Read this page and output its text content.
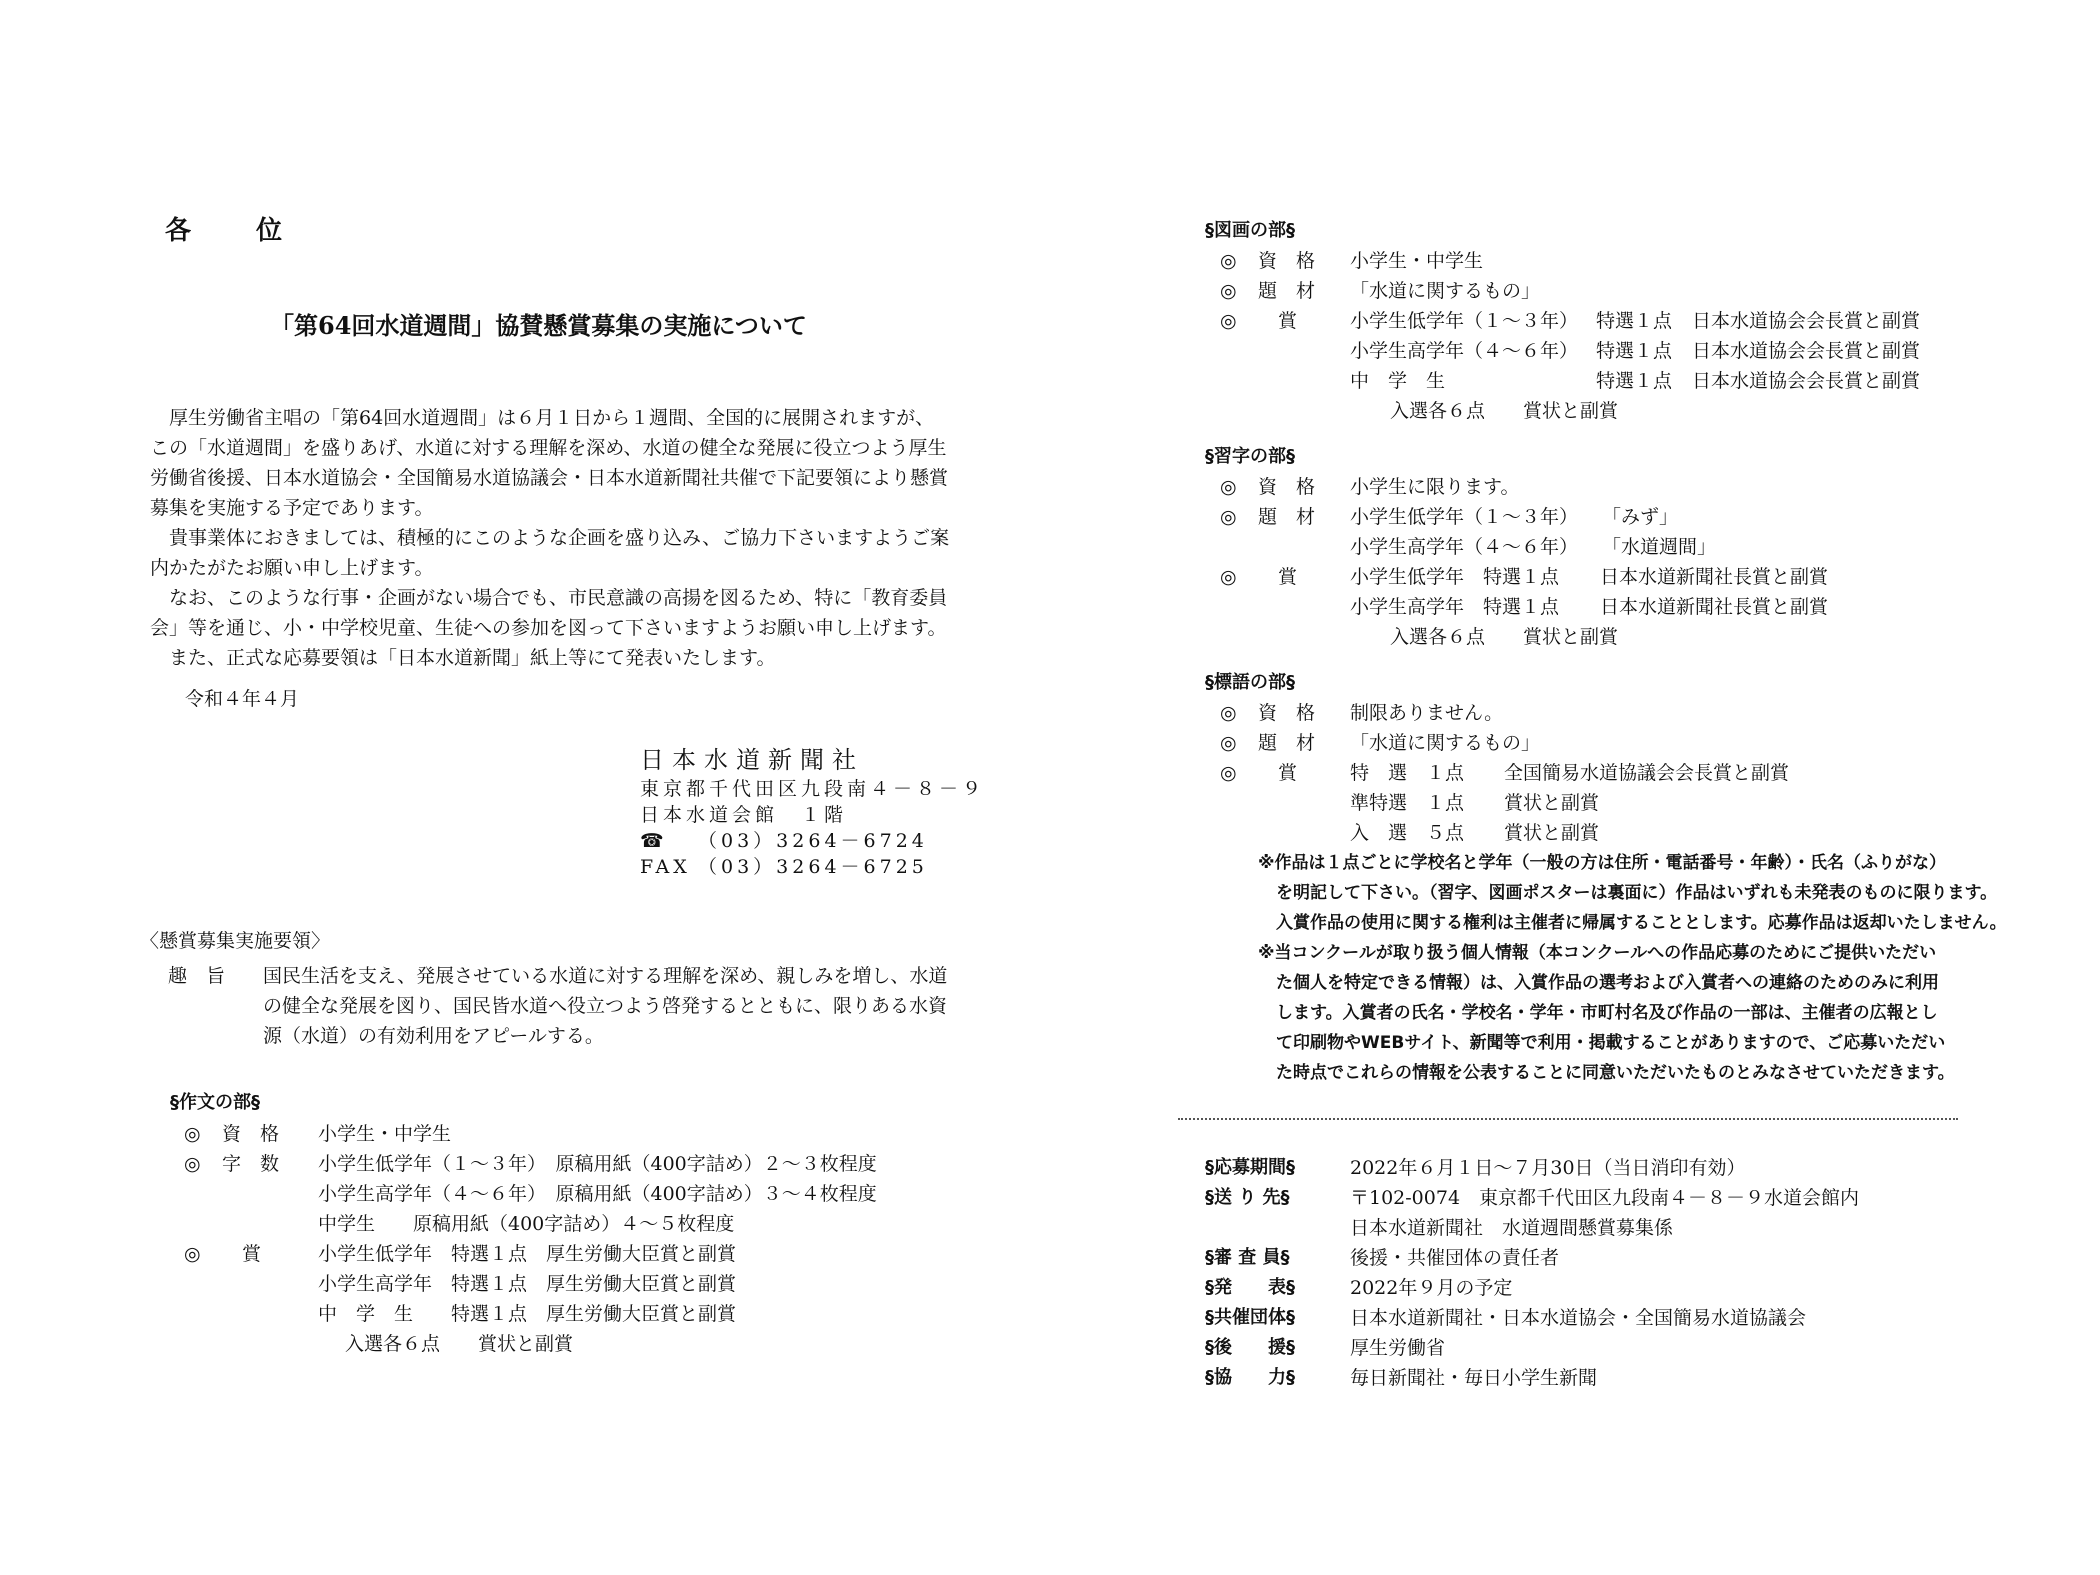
各 位
「第64回水道週間」協賛懸賞募集の実施について

厚生労働省主唱の「第64回水道週間」は６月１日から１週間、全国的に展開されますが、

この「水道週間」を盛りあげ、水道に対する理解を深め、水道の健全な発展に役立つよう厚生

労働省後援、日本水道協会・全国簡易水道協議会・日本水道新聞社共催で下記要領により懸賞

募集を実施する予定であります。

貴事業体におきましては、積極的にこのような企画を盛り込み、ご協力下さいますようご案

内かたがたお願い申し上げます。

なお、このような行事・企画がない場合でも、市民意識の高揚を図るため、特に「教育委員

会」等を通じ、小・中学校児童、生徒への参加を図って下さいますようお願い申し上げます。

また、正式な応募要領は「日本水道新聞」紙上等にて発表いたします。

令和４年４月
日本水道新聞社
東京都千代田区九段南４－８－９
日本水道会館　１階
☎ （03）3264－6724
FAX （03）3264－6725
〈懸賞募集実施要領〉
趣　旨 国民生活を支え、発展させている水道に対する理解を深め、親しみを増し、水道
の健全な発展を図り、国民皆水道へ役立つよう啓発するとともに、限りある水資
源（水道）の有効利用をアピールする。
§作文の部§
◎ 資　格 小学生・中学生
◎ 字　数 小学生低学年（１～３年）　原稿用紙（400字詰め）２～３枚程度
小学生高学年（４～６年）　原稿用紙（400字詰め）３～４枚程度
中学生　　原稿用紙（400字詰め）４～５枚程度
◎ 賞	小学生低学年　特選１点　厚生労働大臣賞と副賞
小学生高学年　特選１点　厚生労働大臣賞と副賞
中　学　生　　特選１点　厚生労働大臣賞と副賞
入選各６点　　賞状と副賞
§図画の部§
◎ 資　格 小学生・中学生
◎ 題　材 「水道に関するもの」
◎ 賞	小学生低学年（１～３年） 特選１点 日本水道協会会長賞と副賞
小学生高学年（４～６年） 特選１点 日本水道協会会長賞と副賞
中　学　生	特選１点 日本水道協会会長賞と副賞
入選各６点　　賞状と副賞
§習字の部§
◎ 資　格 小学生に限ります。
◎ 題　材 小学生低学年（１～３年） 「みず」
小学生高学年（４～６年） 「水道週間」
◎ 賞	小学生低学年　特選１点 日本水道新聞社長賞と副賞
小学生高学年　特選１点 日本水道新聞社長賞と副賞
入選各６点　　賞状と副賞
§標語の部§
◎ 資　格 制限ありません。
◎ 題　材 「水道に関するもの」
◎ 賞	特　選　１点 全国簡易水道協議会会長賞と副賞
準特選　１点 賞状と副賞
入　選　５点 賞状と副賞
※作品は１点ごとに学校名と学年（一般の方は住所・電話番号・年齢）・氏名（ふりがな）
を明記して下さい。（習字、図画ポスターは裏面に）作品はいずれも未発表のものに限ります。
入賞作品の使用に関する権利は主催者に帰属することとします。応募作品は返却いたしません。
※当コンクールが取り扱う個人情報（本コンクールへの作品応募のためにご提供いただい
た個人を特定できる情報）は、入賞作品の選考および入賞者への連絡のためのみに利用
します。入賞者の氏名・学校名・学年・市町村名及び作品の一部は、主催者の広報とし
て印刷物やWEBサイト、新聞等で利用・掲載することがありますので、ご応募いただい
た時点でこれらの情報を公表することに同意いただいたものとみなさせていただきます。
§応募期間§	2022年６月１日～７月30日（当日消印有効）
§送 り 先§	〒102-0074　東京都千代田区九段南４－８－９水道会館内
日本水道新聞社　水道週間懸賞募集係
§審 査 員§	後援・共催団体の責任者
§発　　表§	2022年９月の予定
§共催団体§	日本水道新聞社・日本水道協会・全国簡易水道協議会
§後　　援§	厚生労働省
§協　　力§	毎日新聞社・毎日小学生新聞
